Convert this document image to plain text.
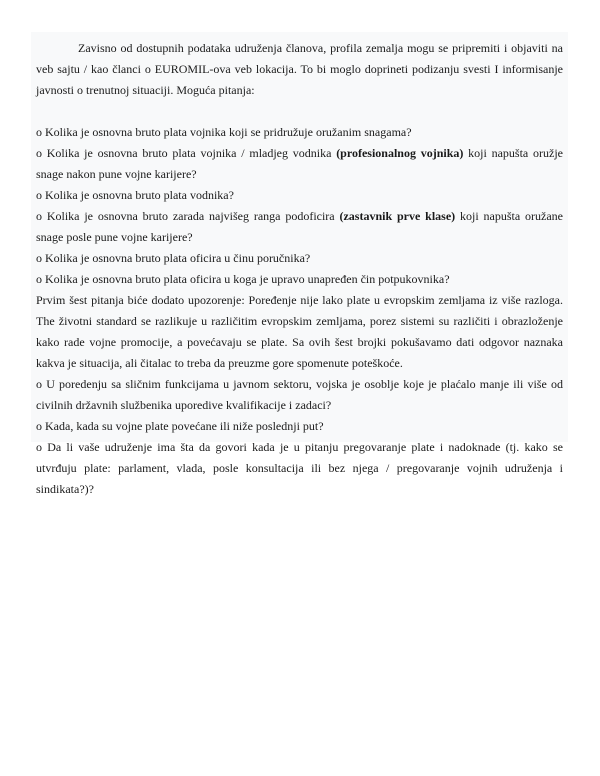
Zavisno od dostupnih podataka udruženja članova, profila zemalja mogu se pripremiti i objaviti na veb sajtu / kao članci o EUROMIL-ova veb lokacija. To bi moglo doprineti podizanju svesti I informisanje javnosti o trenutnoj situaciji. Moguća pitanja:

o Kolika je osnovna bruto plata vojnika koji se pridružuje oružanim snagama?

o Kolika je osnovna bruto plata vojnika / mladjeg vodnika (profesionalnog vojnika) koji napušta oružje snage nakon pune vojne karijere?

o Kolika je osnovna bruto plata vodnika?

o Kolika je osnovna bruto zarada najvišeg ranga podoficira (zastavnik prve klase) koji napušta oružane snage posle pune vojne karijere?

o Kolika je osnovna bruto plata oficira u činu poručnika?

o Kolika je osnovna bruto plata oficira u koga je upravo unapređen čin potpukovnika?

Prvim šest pitanja biće dodato upozorenje: Poređenje nije lako plate u evropskim zemljama iz više razloga. The životni standard se razlikuje u različitim evropskim zemljama, porez sistemi su različiti i obrazloženje kako rade vojne promocije, a povećavaju se plate. Sa ovih šest brojki pokušavamo dati odgovor naznaka kakva je situacija, ali čitalac to treba da preuzme gore spomenute poteškoće.

o U poredenju sa sličnim funkcijama u javnom sektoru, vojska je osoblje koje je plaćalo manje ili više od civilnih državnih službenika uporedive kvalifikacije i zadaci?

o Kada, kada su vojne plate povećane ili niže poslednji put?

o Da li vaše udruženje ima šta da govori kada je u pitanju pregovaranje plate i nadoknade (tj. kako se utvrđuju plate: parlament, vlada, posle konsultacija ili bez njega / pregovaranje vojnih udruženja i sindikata?)?
